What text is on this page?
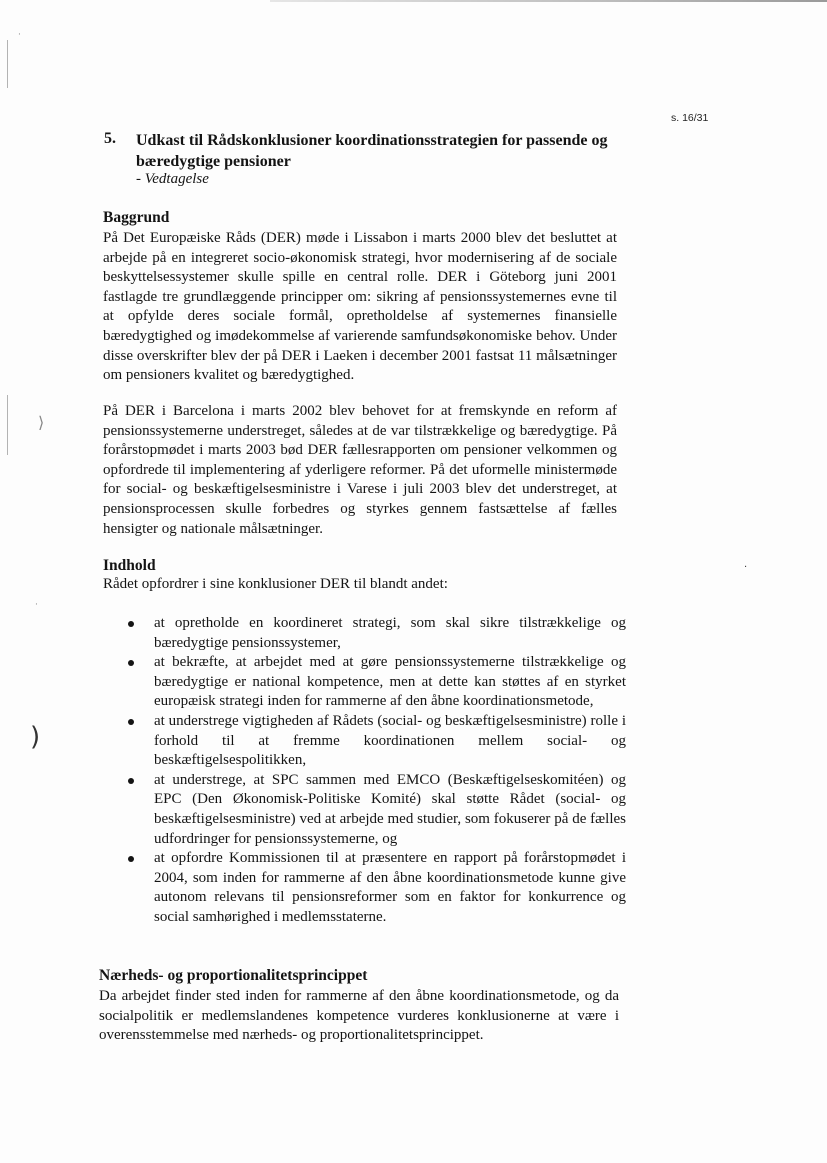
·
⟩
·
)
·
s. 16/31
5. Udkast til Rådskonklusioner koordinationsstrategien for passende og bæredygtige pensioner
- Vedtagelse
Baggrund

På Det Europæiske Råds (DER) møde i Lissabon i marts 2000 blev det besluttet at arbejde på en integreret socio-økonomisk strategi, hvor modernisering af de sociale beskyttelsessystemer skulle spille en central rolle. DER i Göteborg juni 2001 fastlagde tre grundlæggende principper om: sikring af pensionssystemernes evne til at opfylde deres sociale formål, opretholdelse af systemernes finansielle bæredygtighed og imødekommelse af varierende samfundsøkonomiske behov. Under disse overskrifter blev der på DER i Laeken i december 2001 fastsat 11 målsætninger om pensioners kvalitet og bæredygtighed.

På DER i Barcelona i marts 2002 blev behovet for at fremskynde en reform af pensionssystemerne understreget, således at de var tilstrækkelige og bæredygtige. På forårstopmødet i marts 2003 bød DER fællesrapporten om pensioner velkommen og opfordrede til implementering af yderligere reformer. På det uformelle ministermøde for social- og beskæftigelsesministre i Varese i juli 2003 blev det understreget, at pensionsprocessen skulle forbedres og styrkes gennem fastsættelse af fælles hensigter og nationale målsætninger.

Indhold

Rådet opfordrer i sine konklusioner DER til blandt andet:

at opretholde en koordineret strategi, som skal sikre tilstrækkelige og bæredygtige pensionssystemer,
at bekræfte, at arbejdet med at gøre pensionssystemerne tilstrækkelige og bæredygtige er national kompetence, men at dette kan støttes af en styrket europæisk strategi inden for rammerne af den åbne koordinationsmetode,
at understrege vigtigheden af Rådets (social- og beskæftigelsesministre) rolle i forhold til at fremme koordinationen mellem social- og beskæftigelsespolitikken,
at understrege, at SPC sammen med EMCO (Beskæftigelseskomitéen) og EPC (Den Økonomisk-Politiske Komité) skal støtte Rådet (social- og beskæftigelsesministre) ved at arbejde med studier, som fokuserer på de fælles udfordringer for pensionssystemerne, og
at opfordre Kommissionen til at præsentere en rapport på forårstopmødet i 2004, som inden for rammerne af den åbne koordinationsmetode kunne give autonom relevans til pensionsreformer som en faktor for konkurrence og social samhørighed i medlemsstaterne.
Nærheds- og proportionalitetsprincippet

Da arbejdet finder sted inden for rammerne af den åbne koordinationsmetode, og da socialpolitik er medlemslandenes kompetence vurderes konklusionerne at være i overensstemmelse med nærheds- og proportionalitetsprincippet.
